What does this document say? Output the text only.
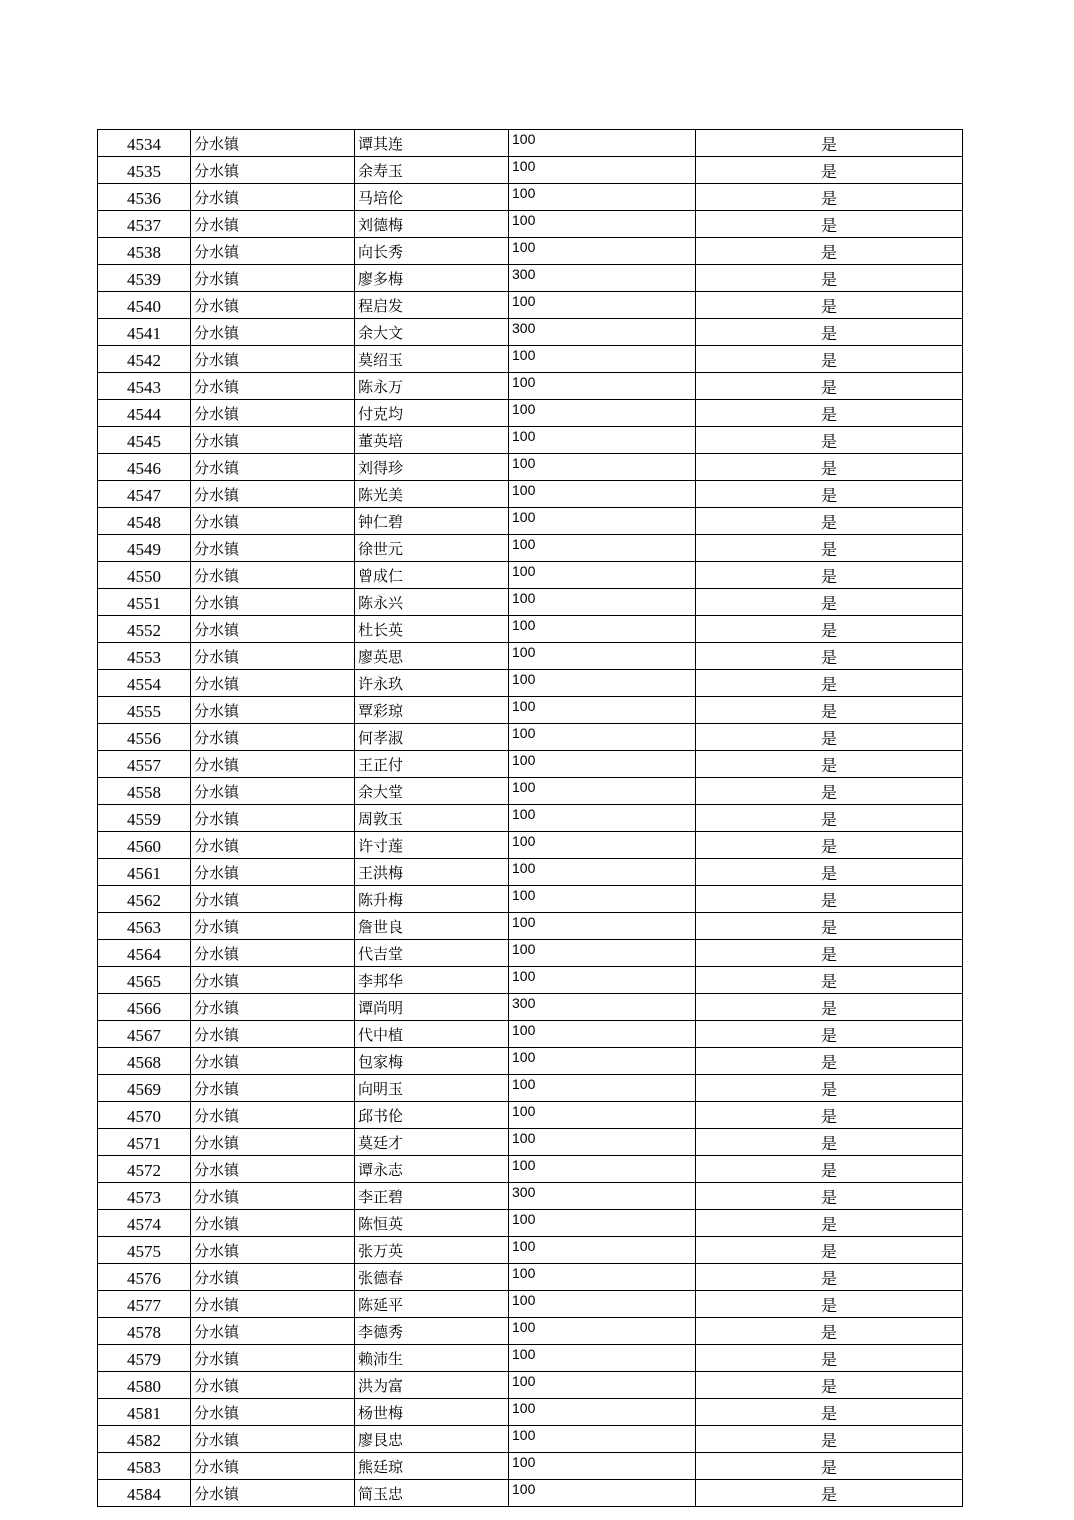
4534	分水镇	谭其连	100	是
4535	分水镇	余寿玉	100	是
4536	分水镇	马培伦	100	是
4537	分水镇	刘德梅	100	是
4538	分水镇	向长秀	100	是
4539	分水镇	廖多梅	300	是
4540	分水镇	程启发	100	是
4541	分水镇	余大文	300	是
4542	分水镇	莫绍玉	100	是
4543	分水镇	陈永万	100	是
4544	分水镇	付克均	100	是
4545	分水镇	董英培	100	是
4546	分水镇	刘得珍	100	是
4547	分水镇	陈光美	100	是
4548	分水镇	钟仁碧	100	是
4549	分水镇	徐世元	100	是
4550	分水镇	曾成仁	100	是
4551	分水镇	陈永兴	100	是
4552	分水镇	杜长英	100	是
4553	分水镇	廖英思	100	是
4554	分水镇	许永玖	100	是
4555	分水镇	覃彩琼	100	是
4556	分水镇	何孝淑	100	是
4557	分水镇	王正付	100	是
4558	分水镇	余大堂	100	是
4559	分水镇	周敦玉	100	是
4560	分水镇	许寸莲	100	是
4561	分水镇	王洪梅	100	是
4562	分水镇	陈升梅	100	是
4563	分水镇	詹世良	100	是
4564	分水镇	代吉堂	100	是
4565	分水镇	李邦华	100	是
4566	分水镇	谭尚明	300	是
4567	分水镇	代中植	100	是
4568	分水镇	包家梅	100	是
4569	分水镇	向明玉	100	是
4570	分水镇	邱书伦	100	是
4571	分水镇	莫廷才	100	是
4572	分水镇	谭永志	100	是
4573	分水镇	李正碧	300	是
4574	分水镇	陈恒英	100	是
4575	分水镇	张万英	100	是
4576	分水镇	张德春	100	是
4577	分水镇	陈延平	100	是
4578	分水镇	李德秀	100	是
4579	分水镇	赖沛生	100	是
4580	分水镇	洪为富	100	是
4581	分水镇	杨世梅	100	是
4582	分水镇	廖艮忠	100	是
4583	分水镇	熊廷琼	100	是
4584	分水镇	简玉忠	100	是
